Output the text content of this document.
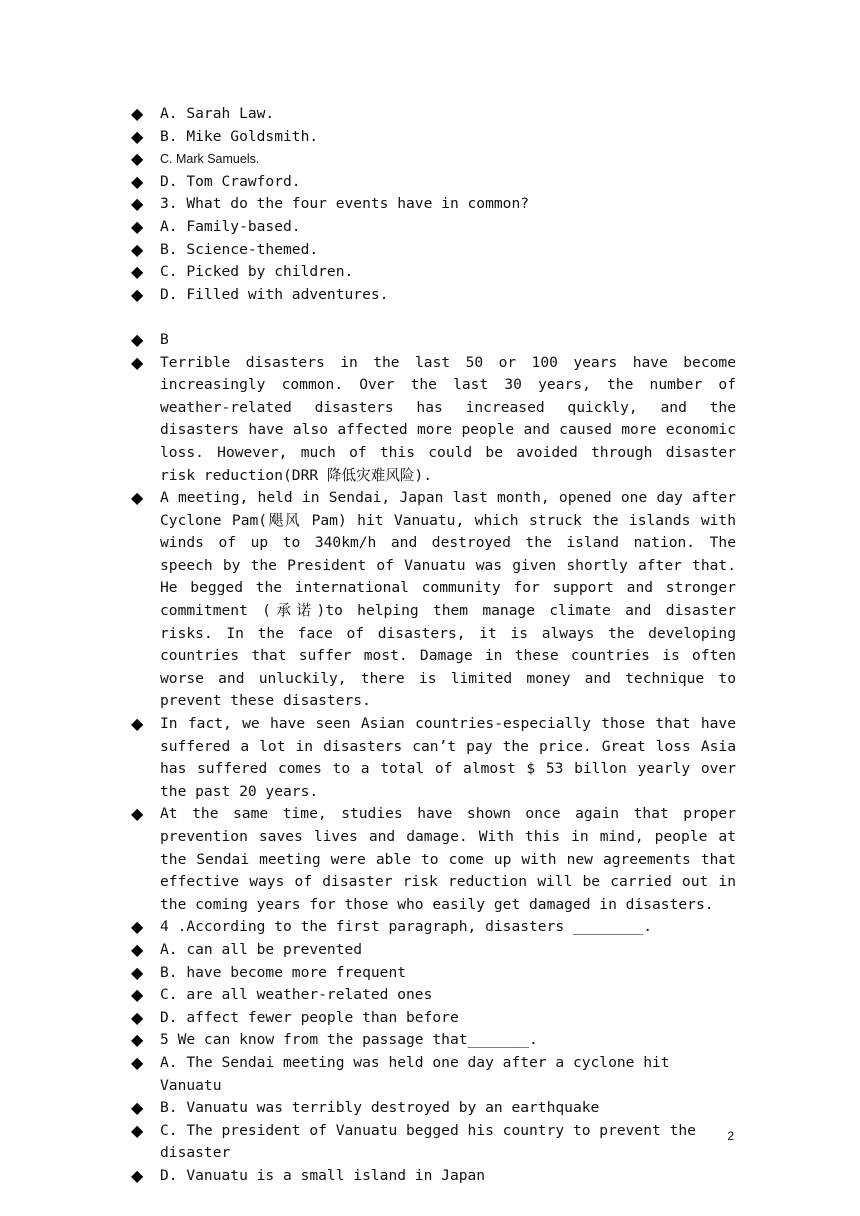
◆	A. Sarah Law.
◆	B. Mike Goldsmith.
◆	C. Mark Samuels.
◆	D. Tom Crawford.
◆	3. What do the four events have in common?
◆	A. Family-based.
◆	B. Science-themed.
◆	C. Picked by children.
◆	D. Filled with adventures.
◆	B
◆	Terrible disasters in the last 50 or 100 years have become increasingly common. Over the last 30 years, the number of weather-related disasters has increased quickly, and the disasters have also affected more people and caused more economic loss. However, much of this could be avoided through disaster risk reduction(DRR 降低灾难风险).
◆	A meeting, held in Sendai, Japan last month, opened one day after Cyclone Pam(飓风 Pam) hit Vanuatu, which struck the islands with winds of up to 340km/h and destroyed the island nation. The speech by the President of Vanuatu was given shortly after that. He begged the international community for support and stronger commitment (承诺)to helping them manage climate and disaster risks. In the face of disasters, it is always the developing countries that suffer most. Damage in these countries is often worse and unluckily, there is limited money and technique to prevent these disasters.
◆	In fact, we have seen Asian countries-especially those that have suffered a lot in disasters can’t pay the price. Great loss Asia has suffered comes to a total of almost $ 53 billon yearly over the past 20 years.
◆	At the same time, studies have shown once again that proper prevention saves lives and damage. With this in mind, people at the Sendai meeting were able to come up with new agreements that effective ways of disaster risk reduction will be carried out in the coming years for those who easily get damaged in disasters.
◆	4 .According to the first paragraph, disasters ________.
◆	A. can all be prevented
◆	B. have become more frequent
◆	C. are all weather-related ones
◆	D. affect fewer people than before
◆	5 We can know from the passage that_______.
◆	A. The Sendai meeting was held one day after a cyclone hit Vanuatu
◆	B. Vanuatu was terribly destroyed by an earthquake
◆	C. The president of Vanuatu begged his country to prevent the disaster
◆	D. Vanuatu is a small island in Japan
2
